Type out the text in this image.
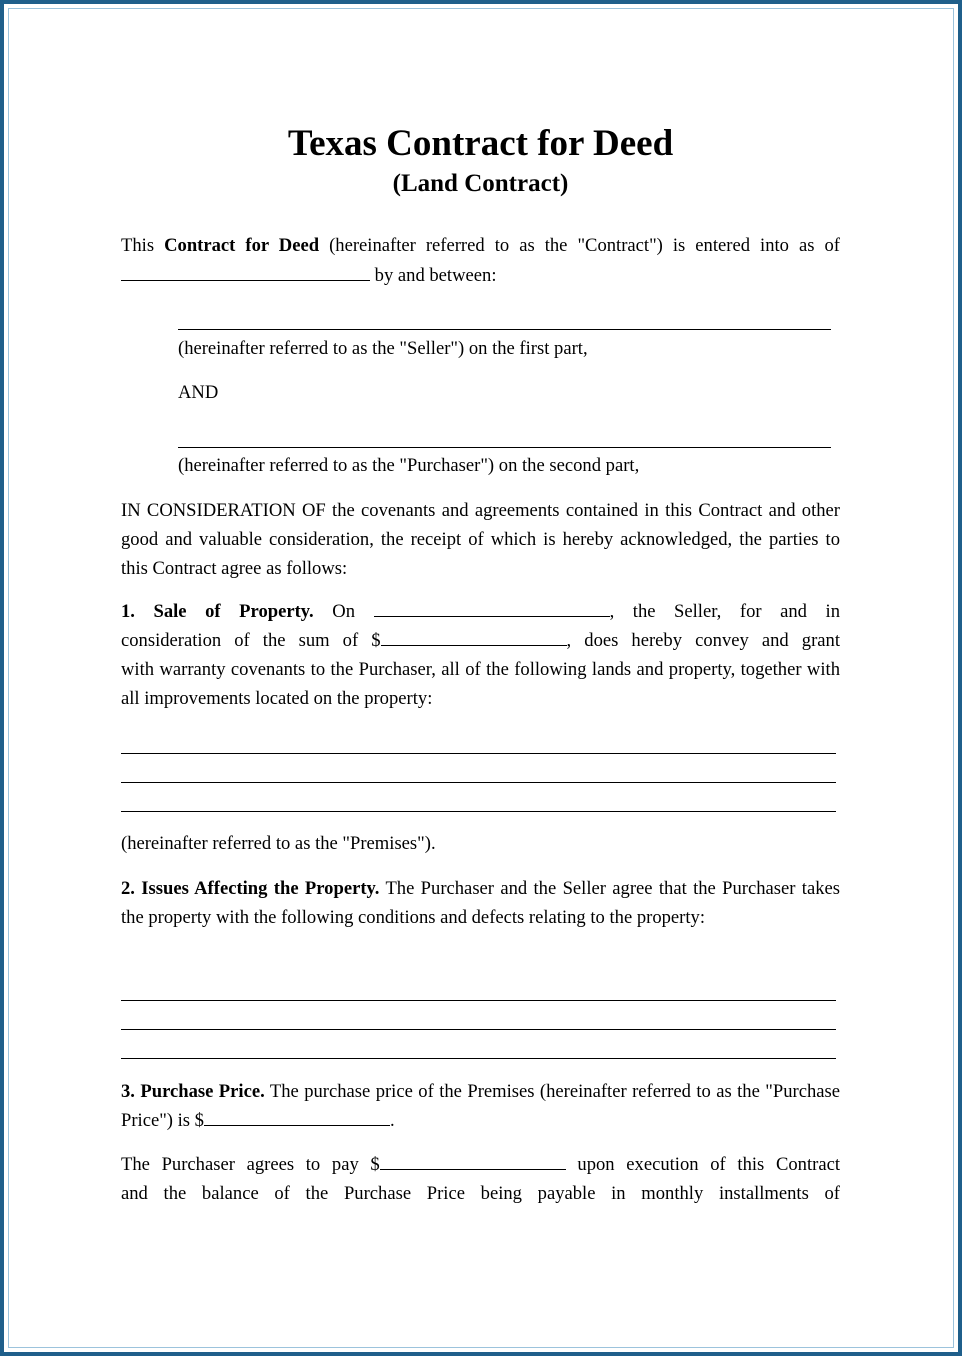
Texas Contract for Deed
(Land Contract)

This Contract for Deed (hereinafter referred to as the "Contract") is entered into as of

by and between:

(hereinafter referred to as the "Seller") on the first part,

AND

(hereinafter referred to as the "Purchaser") on the second part,

IN CONSIDERATION OF the covenants and agreements contained in this Contract and other good and valuable consideration, the receipt of which is hereby acknowledged, the parties to this Contract agree as follows:

1. Sale of Property. On	, the Seller, for and in

consideration of the sum of $	, does hereby convey and grant

with warranty covenants to the Purchaser, all of the following lands and property, together with all improvements located on the property:

(hereinafter referred to as the "Premises").

2. Issues Affecting the Property. The Purchaser and the Seller agree that the Purchaser takes the property with the following conditions and defects relating to the property:

3. Purchase Price. The purchase price of the Premises (hereinafter referred to as the "Purchase Price") is $	.

The Purchaser agrees to pay $	upon execution of this Contract

and the balance of the Purchase Price being payable in monthly installments of
